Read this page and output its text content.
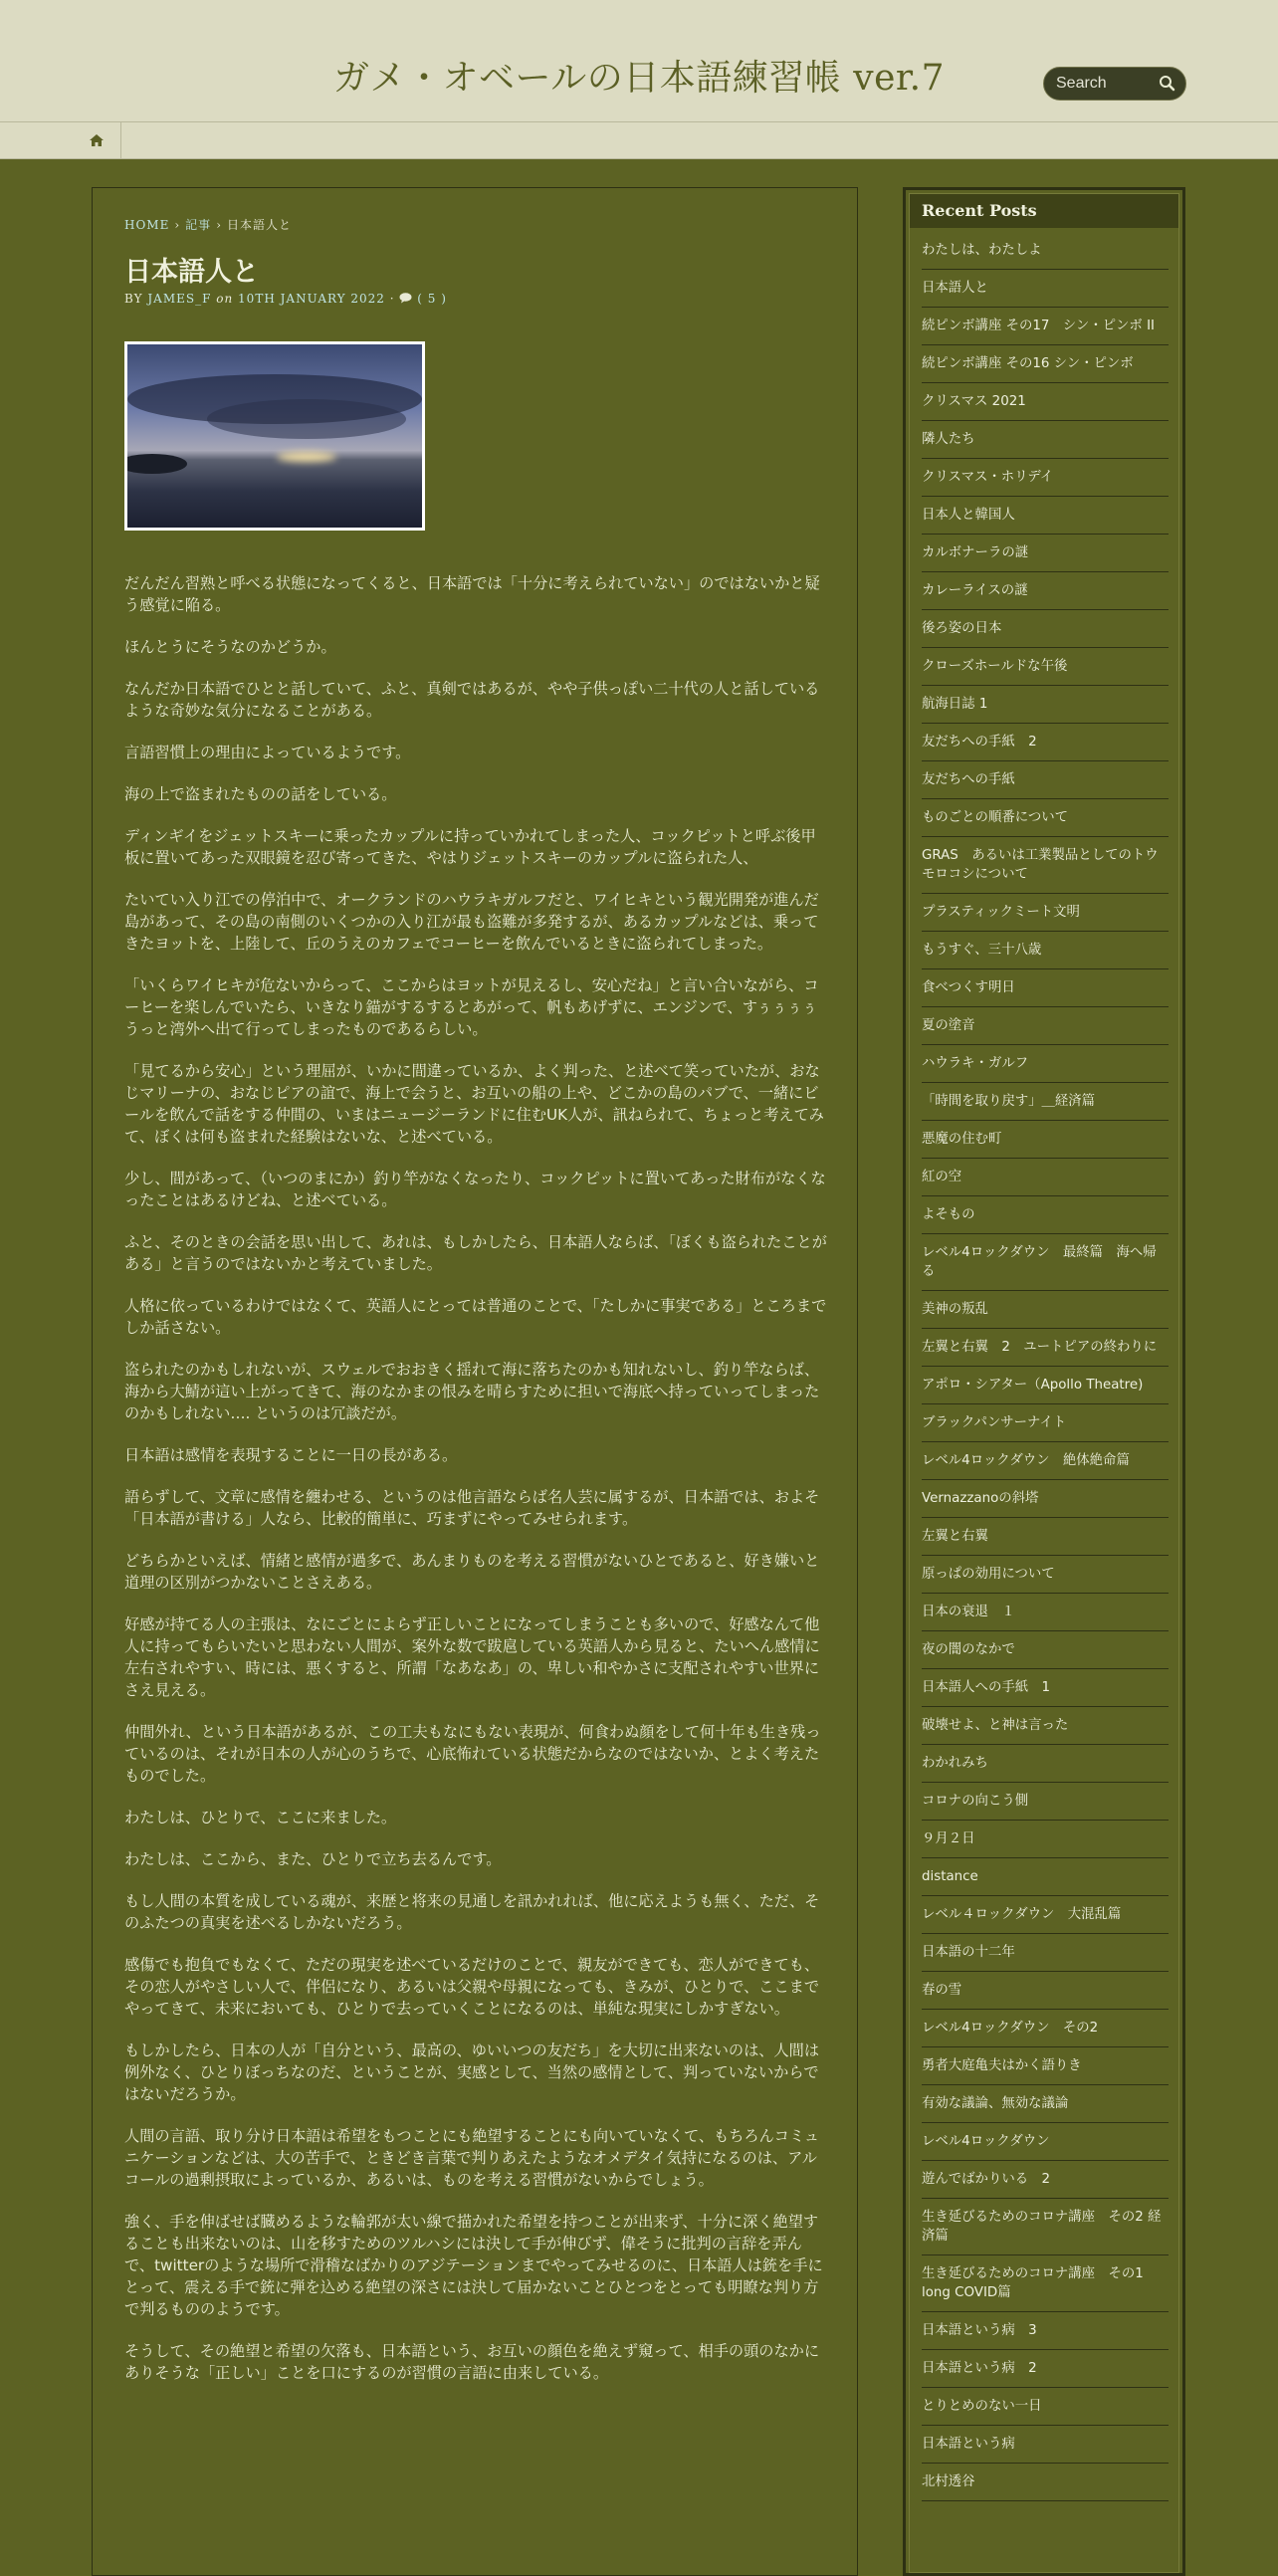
ガメ・オベールの日本語練習帳 ver.7
Search
HOME › 記事 › 日本語人と
日本語人と
BY JAMES_F on 10TH JANUARY 2022 · ( 5 )

だんだん習熟と呼べる状態になってくると、日本語では「十分に考えられていない」のではないかと疑う感覚に陥る。

ほんとうにそうなのかどうか。

なんだか日本語でひとと話していて、ふと、真剣ではあるが、やや子供っぽい二十代の人と話しているような奇妙な気分になることがある。

言語習慣上の理由によっているようです。

海の上で盗まれたものの話をしている。

ディンギイをジェットスキーに乗ったカップルに持っていかれてしまった人、コックピットと呼ぶ後甲板に置いてあった双眼鏡を忍び寄ってきた、やはりジェットスキーのカップルに盗られた人、

たいてい入り江での停泊中で、オークランドのハウラキガルフだと、ワイヒキという観光開発が進んだ島があって、その島の南側のいくつかの入り江が最も盗難が多発するが、あるカップルなどは、乗ってきたヨットを、上陸して、丘のうえのカフェでコーヒーを飲んでいるときに盗られてしまった。

「いくらワイヒキが危ないからって、ここからはヨットが見えるし、安心だね」と言い合いながら、コーヒーを楽しんでいたら、いきなり錨がするするとあがって、帆もあげずに、エンジンで、すぅぅぅぅうっと湾外へ出て行ってしまったものであるらしい。

「見てるから安心」という理屈が、いかに間違っているか、よく判った、と述べて笑っていたが、おなじマリーナの、おなじピアの誼で、海上で会うと、お互いの船の上や、どこかの島のパブで、一緒にビールを飲んで話をする仲間の、いまはニュージーランドに住むUK人が、訊ねられて、ちょっと考えてみて、ぼくは何も盗まれた経験はないな、と述べている。

少し、間があって、（いつのまにか）釣り竿がなくなったり、コックピットに置いてあった財布がなくなったことはあるけどね、と述べている。

ふと、そのときの会話を思い出して、あれは、もしかしたら、日本語人ならば、「ぼくも盗られたことがある」と言うのではないかと考えていました。

人格に依っているわけではなくて、英語人にとっては普通のことで、「たしかに事実である」ところまでしか話さない。

盗られたのかもしれないが、スウェルでおおきく揺れて海に落ちたのかも知れないし、釣り竿ならば、海から大鯖が這い上がってきて、海のなかまの恨みを晴らすために担いで海底へ持っていってしまったのかもしれない…. というのは冗談だが。

日本語は感情を表現することに一日の長がある。

語らずして、文章に感情を纏わせる、というのは他言語ならば名人芸に属するが、日本語では、およそ「日本語が書ける」人なら、比較的簡単に、巧まずにやってみせられます。

どちらかといえば、情緒と感情が過多で、あんまりものを考える習慣がないひとであると、好き嫌いと道理の区別がつかないことさえある。

好感が持てる人の主張は、なにごとによらず正しいことになってしまうことも多いので、好感なんて他人に持ってもらいたいと思わない人間が、案外な数で跋扈している英語人から見ると、たいへん感情に左右されやすい、時には、悪くすると、所謂「なあなあ」の、卑しい和やかさに支配されやすい世界にさえ見える。

仲間外れ、という日本語があるが、この工夫もなにもない表現が、何食わぬ顔をして何十年も生き残っているのは、それが日本の人が心のうちで、心底怖れている状態だからなのではないか、とよく考えたものでした。

わたしは、ひとりで、ここに来ました。

わたしは、ここから、また、ひとりで立ち去るんです。

もし人間の本質を成している魂が、来歴と将来の見通しを訊かれれば、他に応えようも無く、ただ、そのふたつの真実を述べるしかないだろう。

感傷でも抱負でもなくて、ただの現実を述べているだけのことで、親友ができても、恋人ができても、その恋人がやさしい人で、伴侶になり、あるいは父親や母親になっても、きみが、ひとりで、ここまでやってきて、未来においても、ひとりで去っていくことになるのは、単純な現実にしかすぎない。

もしかしたら、日本の人が「自分という、最高の、ゆいいつの友だち」を大切に出来ないのは、人間は例外なく、ひとりぼっちなのだ、ということが、実感として、当然の感情として、判っていないからではないだろうか。

人間の言語、取り分け日本語は希望をもつことにも絶望することにも向いていなくて、もちろんコミュニケーションなどは、大の苦手で、ときどき言葉で判りあえたようなオメデタイ気持になるのは、アルコールの過剰摂取によっているか、あるいは、ものを考える習慣がないからでしょう。

強く、手を伸ばせば臓めるような輪郭が太い線で描かれた希望を持つことが出来ず、十分に深く絶望することも出来ないのは、山を移すためのツルハシには決して手が伸びず、偉そうに批判の言辞を弄んで、twitterのような場所で滑稽なばかりのアジテーションまでやってみせるのに、日本語人は銃を手にとって、震える手で銃に弾を込める絶望の深さには決して届かないことひとつをとっても明瞭な判り方で判るもののようです。

そうして、その絶望と希望の欠落も、日本語という、お互いの顔色を絶えず窺って、相手の頭のなかにありそうな「正しい」ことを口にするのが習慣の言語に由来している。

Recent Posts
わたしは、わたしよ
日本語人と
続ピンボ講座 その17　シン・ピンボ II
続ピンボ講座 その16 シン・ピンボ
クリスマス 2021
隣人たち
クリスマス・ホリデイ
日本人と韓国人
カルボナーラの謎
カレーライスの謎
後ろ姿の日本
クローズホールドな午後
航海日誌 1
友だちへの手紙　2
友だちへの手紙
ものごとの順番について
GRAS　あるいは工業製品としてのトウモロコシについて
プラスティックミート文明
もうすぐ、三十八歳
食べつくす明日
夏の塗音
ハウラキ・ガルフ
「時間を取り戻す」＿経済篇
悪魔の住む町
紅の空
よそもの
レベル4ロックダウン　最終篇　海へ帰る
美神の叛乱
左翼と右翼　2　ユートピアの終わりに
アポロ・シアター（Apollo Theatre)
ブラックパンサーナイト
レベル4ロックダウン　絶体絶命篇
Vernazzanoの斜塔
左翼と右翼
原っぱの効用について
日本の衰退　１
夜の闇のなかで
日本語人への手紙　1
破壊せよ、と神は言った
わかれみち
コロナの向こう側
９月２日
distance
レベル４ロックダウン　大混乱篇
日本語の十二年
春の雪
レベル4ロックダウン　その2
勇者大庭亀夫はかく語りき
有効な議論、無効な議論
レベル4ロックダウン
遊んでばかりいる　2
生き延びるためのコロナ講座　その2 経済篇
生き延びるためのコロナ講座　その1 long COVID篇
日本語という病　3
日本語という病　2
とりとめのない一日
日本語という病
北村透谷
